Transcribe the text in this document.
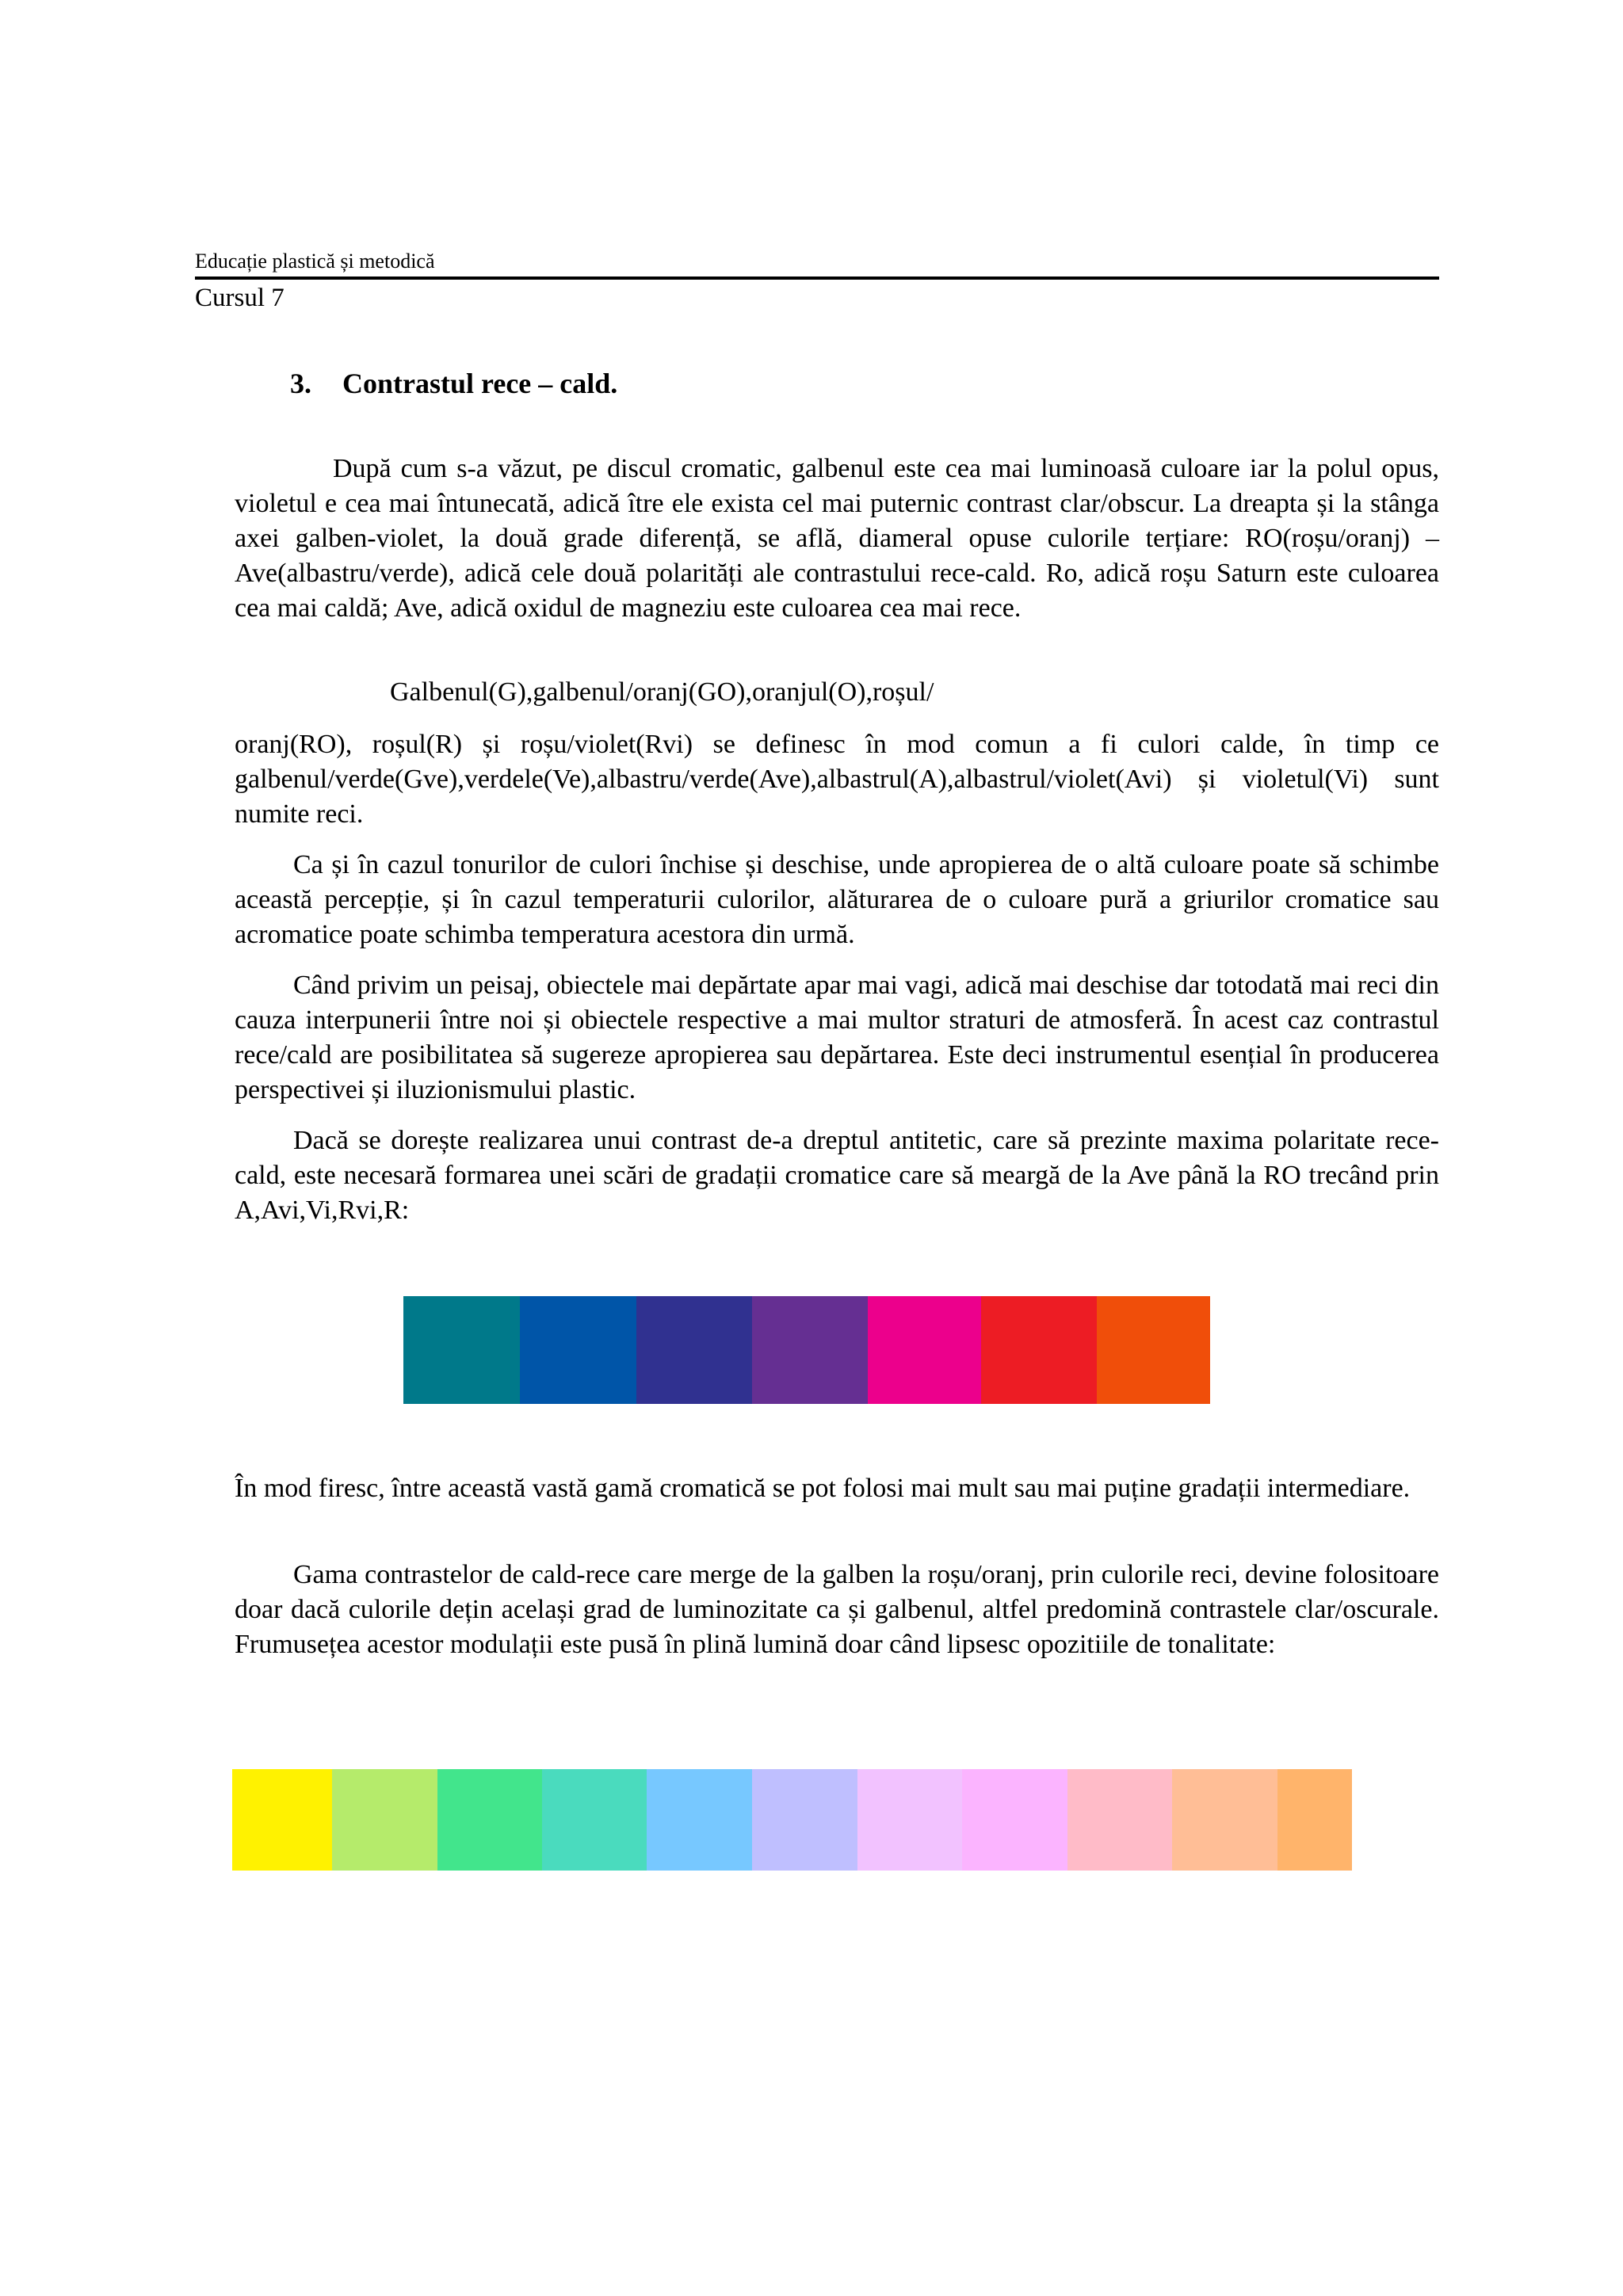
Educație plastică și metodică
Cursul 7
3. Contrastul rece – cald.

După cum s-a văzut, pe discul cromatic, galbenul este cea mai luminoasă culoare iar la polul opus, violetul e cea mai întunecată, adică ître ele exista cel mai puternic contrast clar/obscur. La dreapta și la stânga axei galben-violet, la două grade diferență, se află, diameral opuse culorile terțiare: RO(roșu/oranj) – Ave(albastru/verde), adică cele două polarități ale contrastului rece-cald. Ro, adică roșu Saturn este culoarea cea mai caldă; Ave, adică oxidul de magneziu este culoarea cea mai rece.

Galbenul(G),galbenul/oranj(GO),oranjul(O),roșul/

oranj(RO), roșul(R) și roșu/violet(Rvi) se definesc în mod comun a fi culori calde, în timp ce galbenul/verde(Gve),verdele(Ve),albastru/verde(Ave),albastrul(A),albastrul/violet(Avi) și violetul(Vi) sunt numite reci.

Ca și în cazul tonurilor de culori închise și deschise, unde apropierea de o altă culoare poate să schimbe această percepție, și în cazul temperaturii culorilor, alăturarea de o culoare pură a griurilor cromatice sau acromatice poate schimba temperatura acestora din urmă.

Când privim un peisaj, obiectele mai depărtate apar mai vagi, adică mai deschise dar totodată mai reci din cauza interpunerii între noi și obiectele respective a mai multor straturi de atmosferă. În acest caz contrastul rece/cald are posibilitatea să sugereze apropierea sau depărtarea. Este deci instrumentul esențial în producerea perspectivei și iluzionismului plastic.

Dacă se dorește realizarea unui contrast de-a dreptul antitetic, care să prezinte maxima polaritate rece-cald, este necesară formarea unei scări de gradații cromatice care să meargă de la Ave până la RO trecând prin A,Avi,Vi,Rvi,R:

În mod firesc, între această vastă gamă cromatică se pot folosi mai mult sau mai puține gradații intermediare.

Gama contrastelor de cald-rece care merge de la galben la roșu/oranj, prin culorile reci, devine folositoare doar dacă culorile dețin același grad de luminozitate ca și galbenul, altfel predomină contrastele clar/oscurale. Frumusețea acestor modulații este pusă în plină lumină doar când lipsesc opozitiile de tonalitate:
